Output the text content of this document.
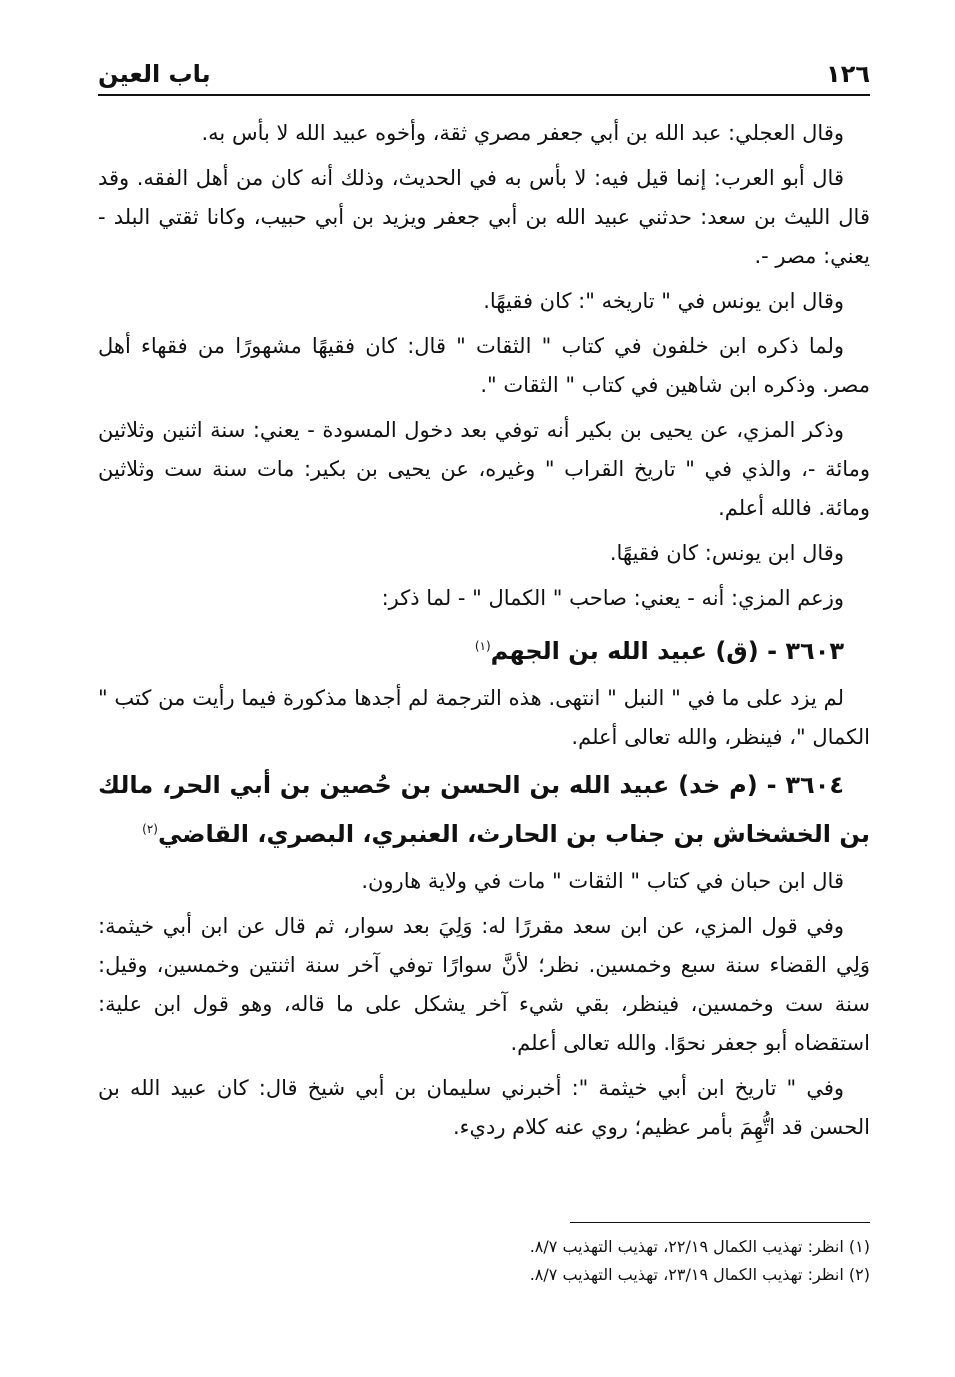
١٢٦
باب العين

وقال العجلي: عبد الله بن أبي جعفر مصري ثقة، وأخوه عبيد الله لا بأس به.

قال أبو العرب: إنما قيل فيه: لا بأس به في الحديث، وذلك أنه كان من أهل الفقه. وقد قال الليث بن سعد: حدثني عبيد الله بن أبي جعفر ويزيد بن أبي حبيب، وكانا ثقتي البلد - يعني: مصر -.

وقال ابن يونس في " تاريخه ": كان فقيهًا.

ولما ذكره ابن خلفون في كتاب " الثقات " قال: كان فقيهًا مشهورًا من فقهاء أهل مصر. وذكره ابن شاهين في كتاب " الثقات ".

وذكر المزي، عن يحيى بن بكير أنه توفي بعد دخول المسودة - يعني: سنة اثنين وثلاثين ومائة -، والذي في " تاريخ القراب " وغيره، عن يحيى بن بكير: مات سنة ست وثلاثين ومائة. فالله أعلم.

وقال ابن يونس: كان فقيهًا.

وزعم المزي: أنه - يعني: صاحب " الكمال " - لما ذكر:

٣٦٠٣ - (ق) عبيد الله بن الجهم$^{(١)}$

لم يزد على ما في " النبل " انتهى. هذه الترجمة لم أجدها مذكورة فيما رأيت من كتب " الكمال "، فينظر، والله تعالى أعلم.

٣٦٠٤ - (م خد) عبيد الله بن الحسن بن حُصين بن أبي الحر، مالك بن الخشخاش بن جناب بن الحارث، العنبري، البصري، القاضي$^{(٢)}$

قال ابن حبان في كتاب " الثقات " مات في ولاية هارون.

وفي قول المزي، عن ابن سعد مقررًا له: وَلِيَ بعد سوار، ثم قال عن ابن أبي خيثمة: وَلِي القضاء سنة سبع وخمسين. نظر؛ لأنَّ سوارًا توفي آخر سنة اثنتين وخمسين، وقيل: سنة ست وخمسين، فينظر، بقي شيء آخر يشكل على ما قاله، وهو قول ابن علية: استقضاه أبو جعفر نحوًا. والله تعالى أعلم.

وفي " تاريخ ابن أبي خيثمة ": أخبرني سليمان بن أبي شيخ قال: كان عبيد الله بن الحسن قد اتُّهِمَ بأمر عظيم؛ روي عنه كلام رديء.

(١) انظر: تهذيب الكمال ٢٢/١٩، تهذيب التهذيب ٨/٧.
(٢) انظر: تهذيب الكمال ٢٣/١٩، تهذيب التهذيب ٨/٧.
